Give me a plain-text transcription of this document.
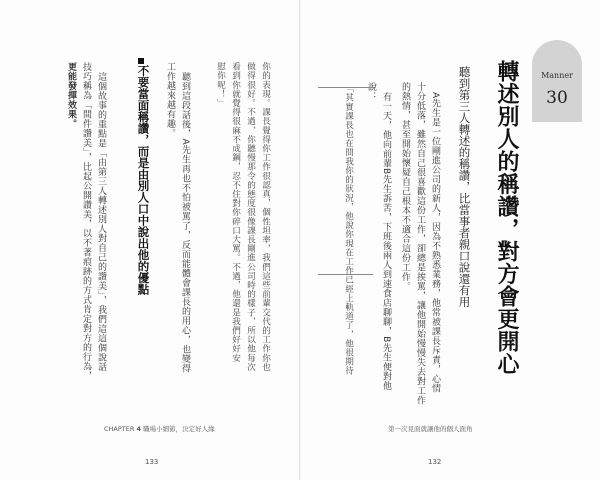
Manner
30
轉述別人的稱讚，對方會更開心
聽到第三人轉述的稱讚，比當事者親口說還有用
A先生是一位剛進公司的新人，因為不熟悉業務，他常被課長斥責，心情
十分低落，雖然自己很喜歡這份工作，卻總是挨罵，讓他開始慢慢失去對工作
的熱情，甚至開始懷疑自己根本不適合這份工作。
有一天，他向前輩B先生訴苦，下班後兩人到速食店聊聊，B先生便對他
說：
「其實課長也在問我你的狀況，他說你現在工作已經上軌道了，他很期待
你的表現。課長覺得你工作很認真，個性坦率，我們這些前輩交代的工作你也
做得很好。不過，你聽慢那令的態度很像課長剛進公司時的樣子，所以他每次
看到你就覺得很麻不成鋼，忍不住對你碎口大罵。不過，他還是我們好好安
慰你呢！」
聽到這段話後，A先生再也不怕被罵了，反而能體會課長的用心，也變得
工作越來越有趣。
不要當面稱讚，而是由別人口中說出他的優點
這個故事的重點是「由第三人轉述別人對自己的讚美」，我們這這個說話
技巧稱為「間件讚美」，比起公開讚美，以不著痕跡的方式肯定對方的行為，
更能發揮效果。
CHAPTER 4 職場小細節，決定好人緣	第一次見面就讓他的個人面角
133	132
